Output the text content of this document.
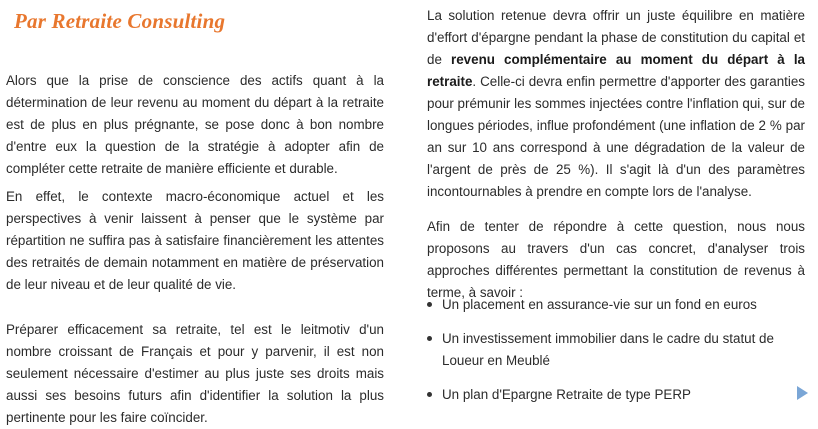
Par Retraite Consulting

Alors que la prise de conscience des actifs quant à la détermination de leur revenu au moment du départ à la retraite est de plus en plus prégnante, se pose donc à bon nombre d'entre eux la question de la stratégie à adopter afin de compléter cette retraite de manière efficiente et durable.

En effet, le contexte macro-économique actuel et les perspectives à venir laissent à penser que le système par répartition ne suffira pas à satisfaire financièrement les attentes des retraités de demain notamment en matière de préservation de leur niveau et de leur qualité de vie.

Préparer efficacement sa retraite, tel est le leitmotiv d'un nombre croissant de Français et pour y parvenir, il est non seulement nécessaire d'estimer au plus juste ses droits mais aussi ses besoins futurs afin d'identifier la solution la plus pertinente pour les faire coïncider.

La solution retenue devra offrir un juste équilibre en matière d'effort d'épargne pendant la phase de constitution du capital et de revenu complémentaire au moment du départ à la retraite. Celle-ci devra enfin permettre d'apporter des garanties pour prémunir les sommes injectées contre l'inflation qui, sur de longues périodes, influe profondément (une inflation de 2 % par an sur 10 ans correspond à une dégradation de la valeur de l'argent de près de 25 %). Il s'agit là d'un des paramètres incontournables à prendre en compte lors de l'analyse.

Afin de tenter de répondre à cette question, nous nous proposons au travers d'un cas concret, d'analyser trois approches différentes permettant la constitution de revenus à terme, à savoir :

Un placement en assurance-vie sur un fond en euros
Un investissement immobilier dans le cadre du statut de Loueur en Meublé
Un plan d'Epargne Retraite de type PERP
